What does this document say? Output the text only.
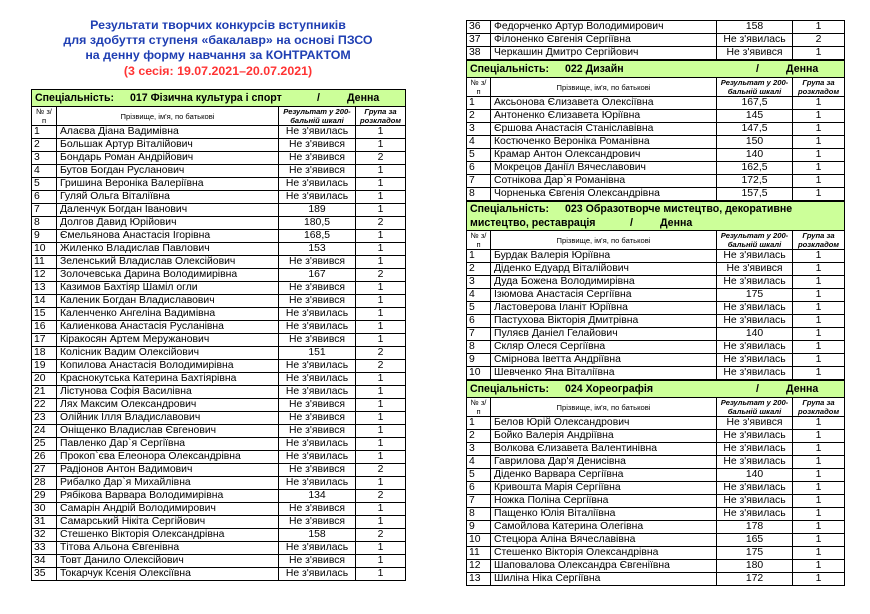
Результати творчих конкурсів вступників
для здобуття ступеня «бакалавр» на основі ПЗСО
на денну форму навчання за КОНТРАКТОМ
(3 сесія: 19.07.2021–20.07.2021)
Спеціальність: 017 Фізична культура і спорт / Денна			

№ з/п	Прізвище, ім'я, по батькові	Результат у 200-бальній шкалі	Група за розкладом
1	Алаєва Діана Вадимівна	Не з'явилась	1
2	Большак Артур Віталійович	Не з'явився	1
3	Бондарь Роман Андрійович	Не з'явився	2
4	Бутов Богдан Русланович	Не з'явився	1
5	Гришина Вероніка Валеріївна	Не з'явилась	1
6	Гуляй Ольга Віталіївна	Не з'явилась	1
7	Даленчук Богдан Іванович	189	1
8	Долгов Давид Юрійович	180,5	2
9	Ємельянова Анастасія Ігорівна	168,5	1
10	Жиленко Владислав Павлович	153	1
11	Зеленський Владислав Олексійович	Не з'явився	1
12	Золочевська Дарина Володимирівна	167	2
13	Казимов Бахтіяр Шаміл огли	Не з'явився	1
14	Каленик Богдан Владиславович	Не з'явився	1
15	Каленченко Ангеліна Вадимівна	Не з'явилась	1
16	Калиенкова Анастасія Русланівна	Не з'явилась	1
17	Кіракосян Артем Меружанович	Не з'явився	1
18	Колісник Вадим Олексійович	151	2
19	Копилова Анастасія Володимирівна	Не з'явилась	2
20	Краснокутська Катерина Бахтіярівна	Не з'явилась	1
21	Лістунова Софія Василівна	Не з'явилась	1
22	Лях Максим Олександрович	Не з'явився	1
23	Олійник Ілля Владиславович	Не з'явився	1
24	Оніщенко Владислав Євгенович	Не з'явився	1
25	Павленко Дар`я Сергіївна	Не з'явилась	1
26	Прокоп`єва Елеонора Олександрівна	Не з'явилась	1
27	Радіонов Антон Вадимович	Не з'явився	2
28	Рибалко Дар`я Михайлівна	Не з'явилась	1
29	Рябікова Варвара Володимирівна	134	2
30	Самарін Андрій Володимирович	Не з'явився	1
31	Самарський Нікіта Сергійович	Не з'явився	1
32	Стешенко Вікторія Олександрівна	158	2
33	Тітова Альона Євгенівна	Не з'явилась	1
34	Товт Данило Олексійович	Не з'явився	1
35	Токарчук Ксенія Олексіївна	Не з'явилась	1
36	Федорченко Артур Володимирович	158	1
37	Філоненко Євгенія Сергіївна	Не з'явилась	2
38	Черкашин Дмитро Сергійович	Не з'явився	1
Спеціальність: 022 Дизайн / Денна			

№ з/п	Прізвище, ім'я, по батькові	Результат у 200-бальній шкалі	Група за розкладом
1	Аксьонова Єлизавета Олексіївна	167,5	1
2	Антоненко Єлизавета Юріївна	145	1
3	Єршова Анастасія Станіславівна	147,5	1
4	Костюченко Вероніка Романівна	150	1
5	Крамар Антон Олександрович	140	1
6	Мокрецов Даніїл Вячеславович	162,5	1
7	Сотнікова Дар`я Романівна	172,5	1
8	Чорненька Євгенія Олександрівна	157,5	1
Спеціальність: 023 Образотворче мистецтво, декоративне
мистецтво, реставрація / Денна			

№ з/п	Прізвище, ім'я, по батькові	Результат у 200-бальній шкалі	Група за розкладом
1	Бурдак Валерія Юріївна	Не з'явилась	1
2	Діденко Едуард Віталійович	Не з'явився	1
3	Дуда Божена Володимирівна	Не з'явилась	1
4	Ізюмова Анастасія Сергіївна	175	1
5	Ластоверова Іланіт Юріївна	Не з'явилась	1
6	Пастухова Вікторія Дмитрівна	Не з'явилась	1
7	Пуляєв Даніел Гелайович	140	1
8	Скляр Олеся Сергіївна	Не з'явилась	1
9	Смірнова Іветта Андріївна	Не з'явилась	1
10	Шевченко Яна Віталіївна	Не з'явилась	1
Спеціальність: 024 Хореографія / Денна			

№ з/п	Прізвище, ім'я, по батькові	Результат у 200-бальній шкалі	Група за розкладом
1	Белов Юрій Олександрович	Не з'явився	1
2	Бойко Валерія Андріївна	Не з'явилась	1
3	Волкова Єлизавета Валентинівна	Не з'явилась	1
4	Гаврилова Дар'я Денисівна	Не з'явилась	1
5	Діденко Варвара Сергіївна	140	1
6	Кривошта Марія Сергіївна	Не з'явилась	1
7	Ножка Поліна Сергіївна	Не з'явилась	1
8	Пащенко Юлія Віталіївна	Не з'явилась	1
9	Самойлова Катерина Олегівна	178	1
10	Стецюра Аліна Вячеславівна	165	1
11	Стешенко Вікторія Олександрівна	175	1
12	Шаповалова Олександра Євгеніївна	180	1
13	Шиліна Ніка Сергіївна	172	1
